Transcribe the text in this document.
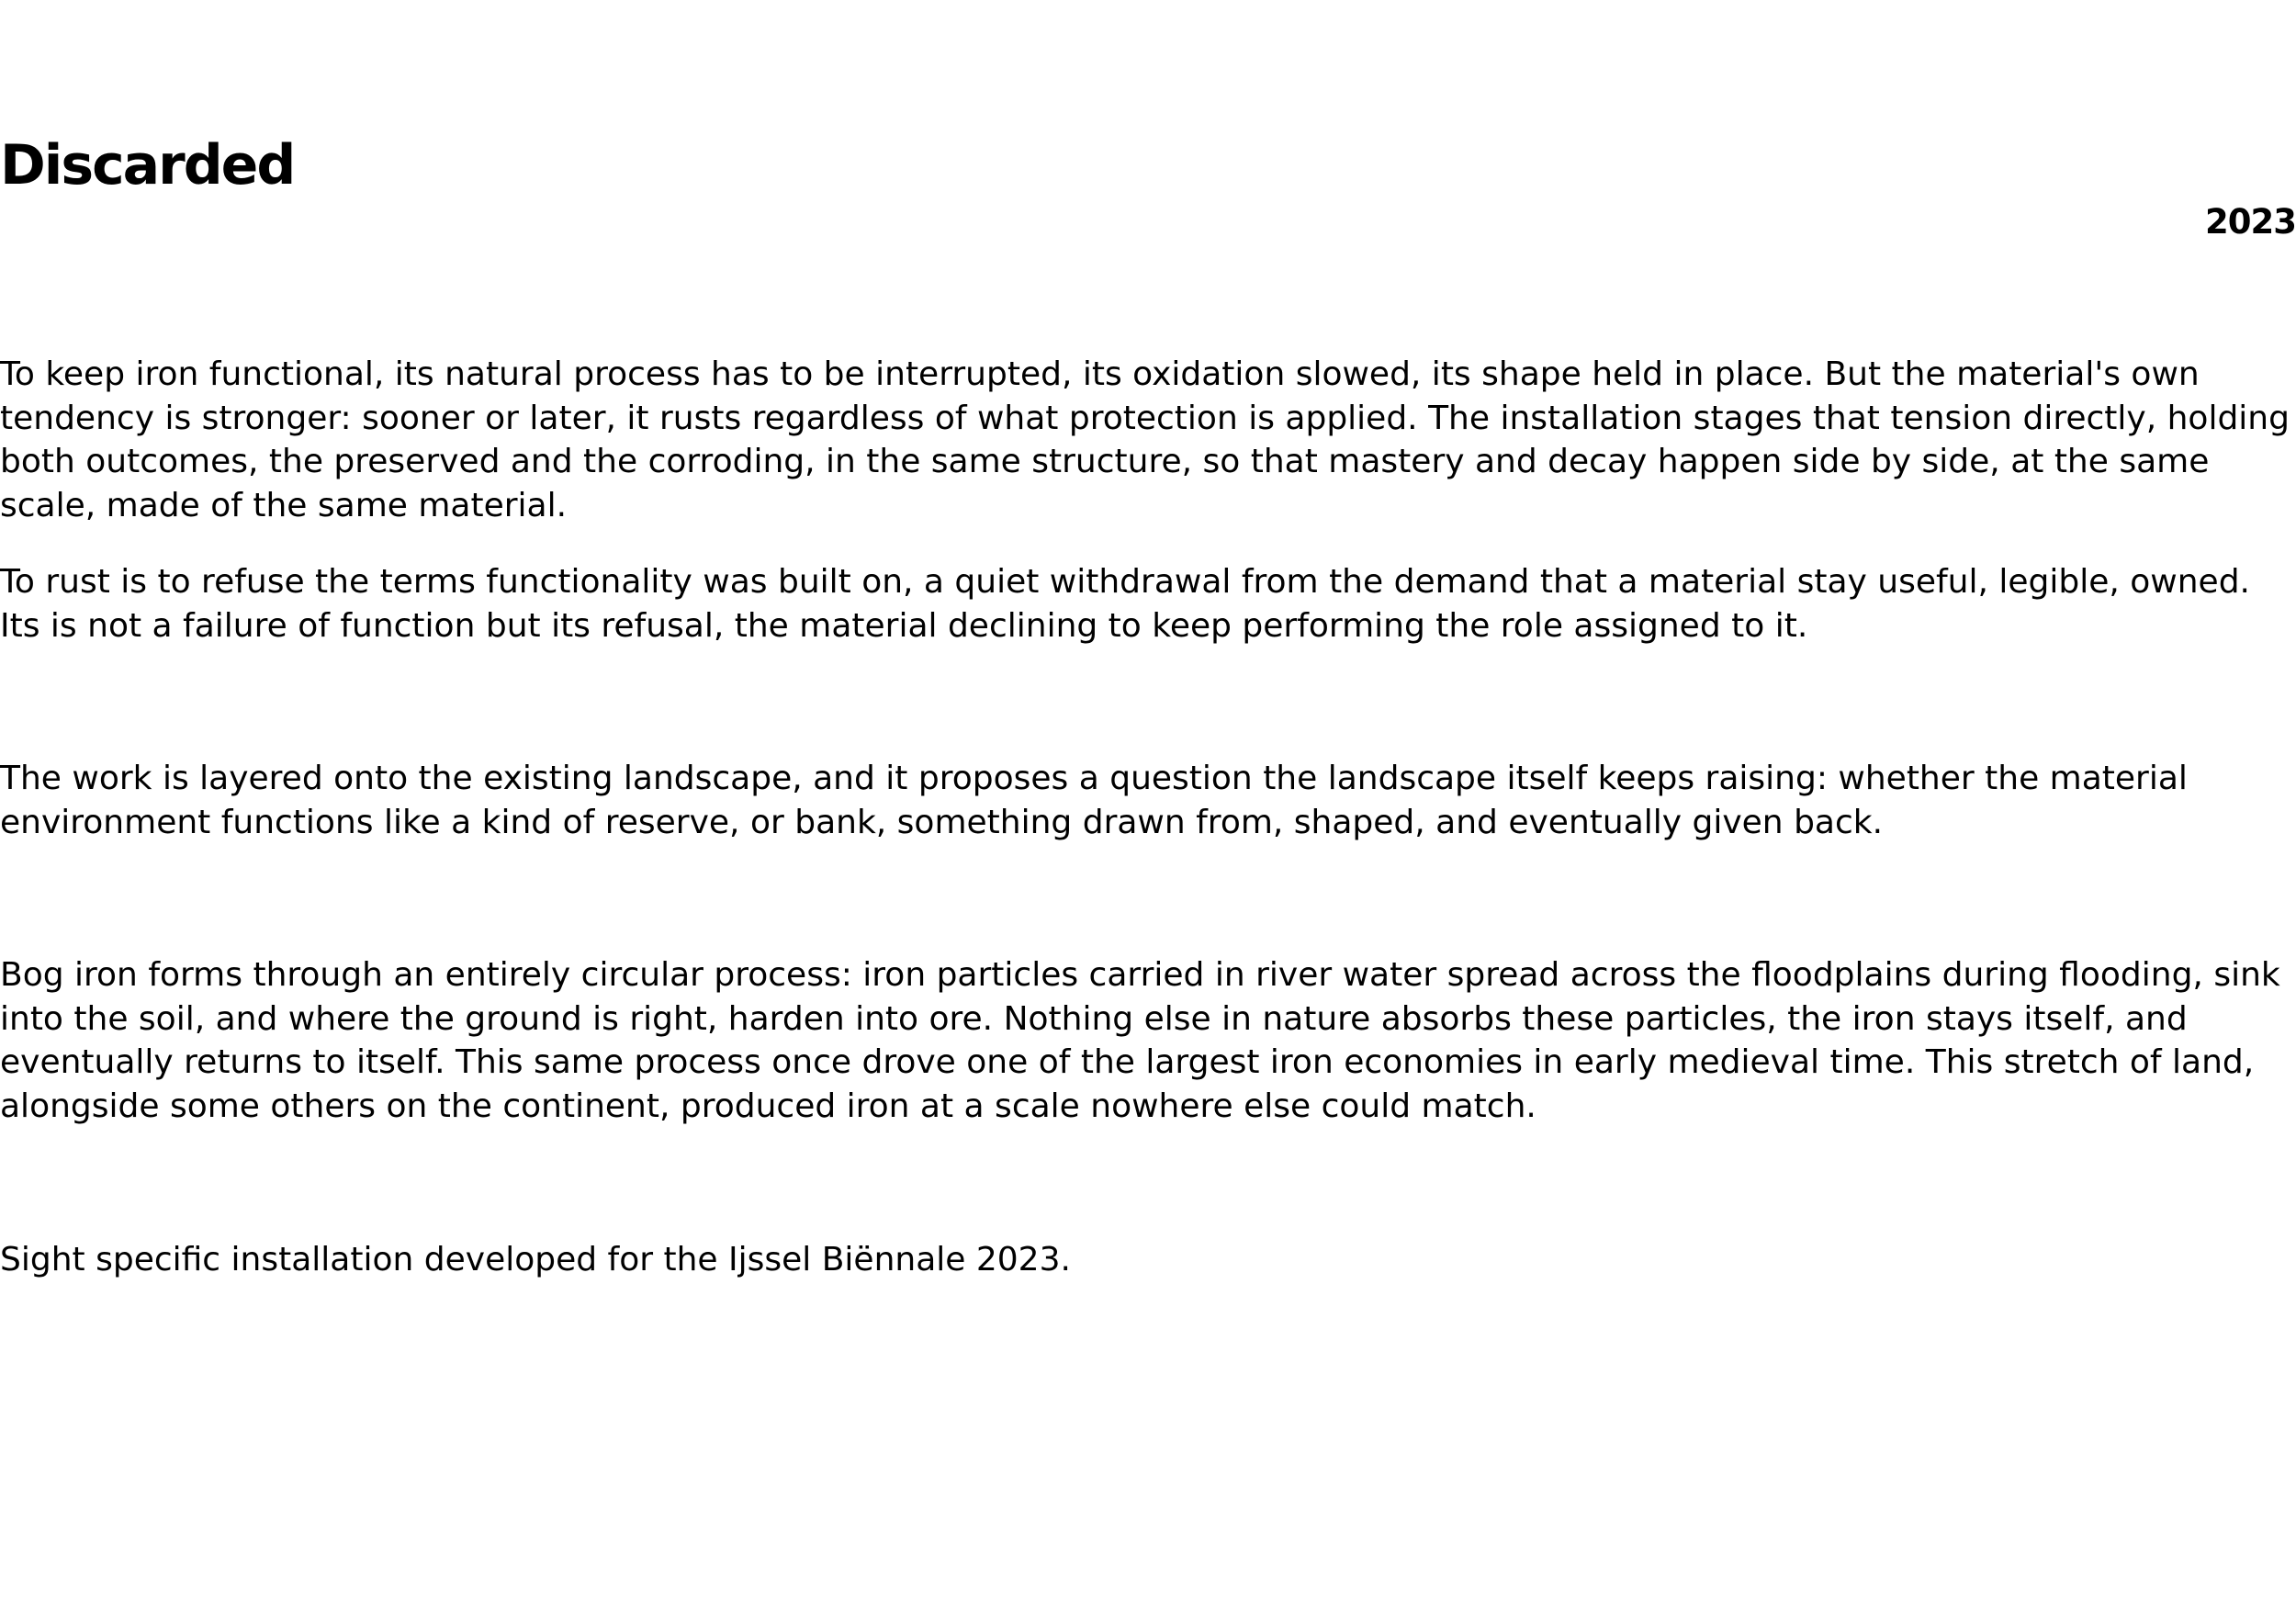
Discarded
2023

To keep iron functional, its natural process has to be interrupted, its oxidation slowed, its shape held in place. But the material's own tendency is stronger: sooner or later, it rusts regardless of what protection is applied. The installation stages that tension directly, holding both outcomes, the preserved and the corroding, in the same structure, so that mastery and decay happen side by side, at the same scale, made of the same material.

To rust is to refuse the terms functionality was built on, a quiet withdrawal from the demand that a material stay useful, legible, owned. Its is not a failure of function but its refusal, the material declining to keep performing the role assigned to it.

The work is layered onto the existing landscape, and it proposes a question the landscape itself keeps raising: whether the material environment functions like a kind of reserve, or bank, something drawn from, shaped, and eventually given back.

Bog iron forms through an entirely circular process: iron particles carried in river water spread across the floodplains during flooding, sink into the soil, and where the ground is right, harden into ore. Nothing else in nature absorbs these particles, the iron stays itself, and eventually returns to itself. This same process once drove one of the largest iron economies in early medieval time. This stretch of land, alongside some others on the continent, produced iron at a scale nowhere else could match.

Sight specific installation developed for the Ijssel Biënnale 2023.
